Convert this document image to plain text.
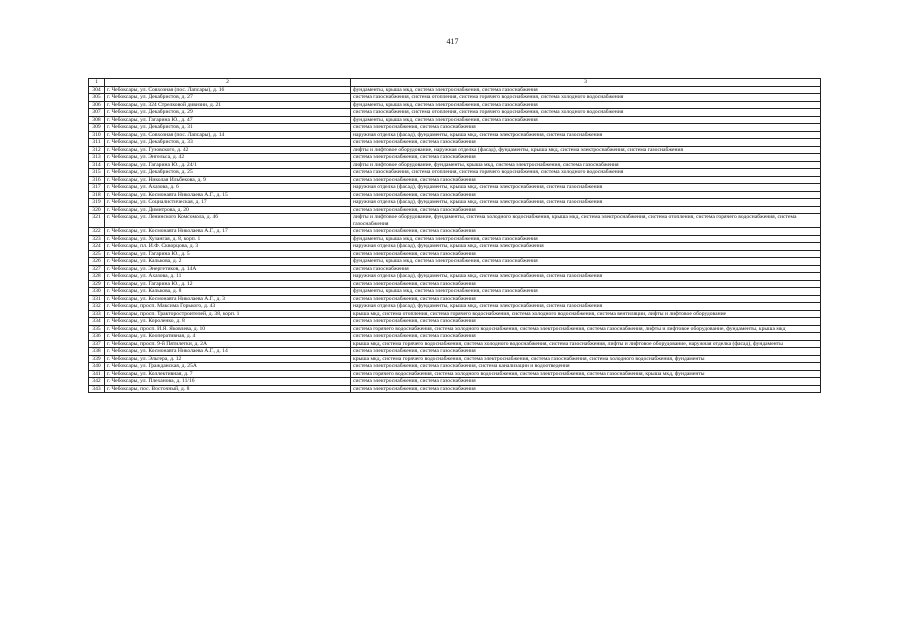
417
1	2	3
304	г. Чебоксары, ул. Совхозная (пос. Лапсары), д. 16	фундаменты, крыша мкд, система электроснабжения, система газоснабжения
305	г. Чебоксары, ул. Декабристов, д. 27	система газоснабжения, система отопления, система горячего водоснабжения, система холодного водоснабжения
306	г. Чебоксары, ул. 324 Стрелковой дивизии, д. 21	фундаменты, крыша мкд, система электроснабжения, система газоснабжения
307	г. Чебоксары, ул. Декабристов, д. 29	система газоснабжения, система отопления, система горячего водоснабжения, система холодного водоснабжения
308	г. Чебоксары, ул. Гагарина Ю., д. 47	фундаменты, крыша мкд, система электроснабжения, система газоснабжения
309	г. Чебоксары, ул. Декабристов, д. 31	система электроснабжения, система газоснабжения
310	г. Чебоксары, ул. Совхозная (пос. Лапсары), д. 14	наружная отделка (фасад), фундаменты, крыша мкд, система электроснабжения, система газоснабжения
311	г. Чебоксары, ул. Декабристов, д. 33	система электроснабжения, система газоснабжения
312	г. Чебоксары, ул. Гузовского, д. 42	лифты и лифтовое оборудование, наружная отделка (фасад), фундаменты, крыша мкд, система электроснабжения, система газоснабжения
313	г. Чебоксары, ул. Энгельса, д. 42	система электроснабжения, система газоснабжения
314	г. Чебоксары, ул. Гагарина Ю., д. 24/1	лифты и лифтовое оборудование, фундаменты, крыша мкд, система электроснабжения, система газоснабжения
315	г. Чебоксары, ул. Декабристов, д. 25	система газоснабжения, система отопления, система горячего водоснабжения, система холодного водоснабжения
316	г. Чебоксары, ул. Николая Ильбекова, д. 9	система электроснабжения, система газоснабжения
317	г. Чебоксары, ул. Ахазова, д. 6	наружная отделка (фасад), фундаменты, крыша мкд, система электроснабжения, система газоснабжения
318	г. Чебоксары, ул. Космонавта Николаева А.Г., д. 15	система электроснабжения, система газоснабжения
319	г. Чебоксары, ул. Социалистическая, д. 17	наружная отделка (фасад), фундаменты, крыша мкд, система электроснабжения, система газоснабжения
320	г. Чебоксары, ул. Димитрова, д. 20	система электроснабжения, система газоснабжения
321	г. Чебоксары, ул. Ленинского Комсомола, д. 46	лифты и лифтовое оборудование, фундаменты, система холодного водоснабжения, крыша мкд, система электроснабжения, система отопления, система горячего водоснабжения, система газоснабжения
322	г. Чебоксары, ул. Космонавта Николаева А.Г., д. 17	система электроснабжения, система газоснабжения
323	г. Чебоксары, ул. Хузангая, д. 8, корп. 1	фундаменты, крыша мкд, система электроснабжения, система газоснабжения
324	г. Чебоксары, пл. И.Ф. Скворцова, д. 3	наружная отделка (фасад), фундаменты, крыша мкд, система электроснабжения
325	г. Чебоксары, ул. Гагарина Ю., д. 5	система электроснабжения, система газоснабжения
326	г. Чебоксары, ул. Калькова, д. 2	фундаменты, крыша мкд, система электроснабжения, система газоснабжения
327	г. Чебоксары, ул. Энергетиков, д. 14А	система газоснабжения
328	г. Чебоксары, ул. Ахазова, д. 11	наружная отделка (фасад), фундаменты, крыша мкд, система электроснабжения, система газоснабжения
329	г. Чебоксары, ул. Гагарина Ю., д. 12	система электроснабжения, система газоснабжения
330	г. Чебоксары, ул. Калькова, д. 8	фундаменты, крыша мкд, система электроснабжения, система газоснабжения
331	г. Чебоксары, ул. Космонавта Николаева А.Г., д. 3	система электроснабжения, система газоснабжения
332	г. Чебоксары, просп. Максима Горького, д. 43	наружная отделка (фасад), фундаменты, крыша мкд, система электроснабжения, система газоснабжения
333	г. Чебоксары, просп. Тракторостроителей, д. 38, корп. 1	крыша мкд, система отопления, система горячего водоснабжения, система холодного водоснабжения, система вентиляции, лифты и лифтовое оборудование
334	г. Чебоксары, ул. Короленко, д. 8	система электроснабжения, система газоснабжения
335	г. Чебоксары, просп. И.Я. Яковлева, д. 10	система горячего водоснабжения, система холодного водоснабжения, система электроснабжения, система газоснабжения, лифты и лифтовое оборудование, фундаменты, крыша мкд
336	г. Чебоксары, ул. Кооперативная, д. 4	система электроснабжения, система газоснабжения
337	г. Чебоксары, просп. 9-й Пятилетки, д. 2А	крыша мкд, система горячего водоснабжения, система холодного водоснабжения, система газоснабжения, лифты и лифтовое оборудование, наружная отделка (фасад), фундаменты
338	г. Чебоксары, ул. Космонавта Николаева А.Г., д. 14	система электроснабжения, система газоснабжения
339	г. Чебоксары, ул. Эльгера, д. 12	крыша мкд, система горячего водоснабжения, система электроснабжения, система газоснабжения, система холодного водоснабжения, фундаменты
340	г. Чебоксары, ул. Гражданская, д. 25А	система электроснабжения, система газоснабжения, система канализации и водоотведения
341	г. Чебоксары, ул. Коллективная, д. 7	система горячего водоснабжения, система холодного водоснабжения, система электроснабжения, система газоснабжения, крыша мкд, фундаменты
342	г. Чебоксары, ул. Плеханова, д. 11/16	система электроснабжения, система газоснабжения
343	г. Чебоксары, пос. Восточный, д. 8	система электроснабжения, система газоснабжения
